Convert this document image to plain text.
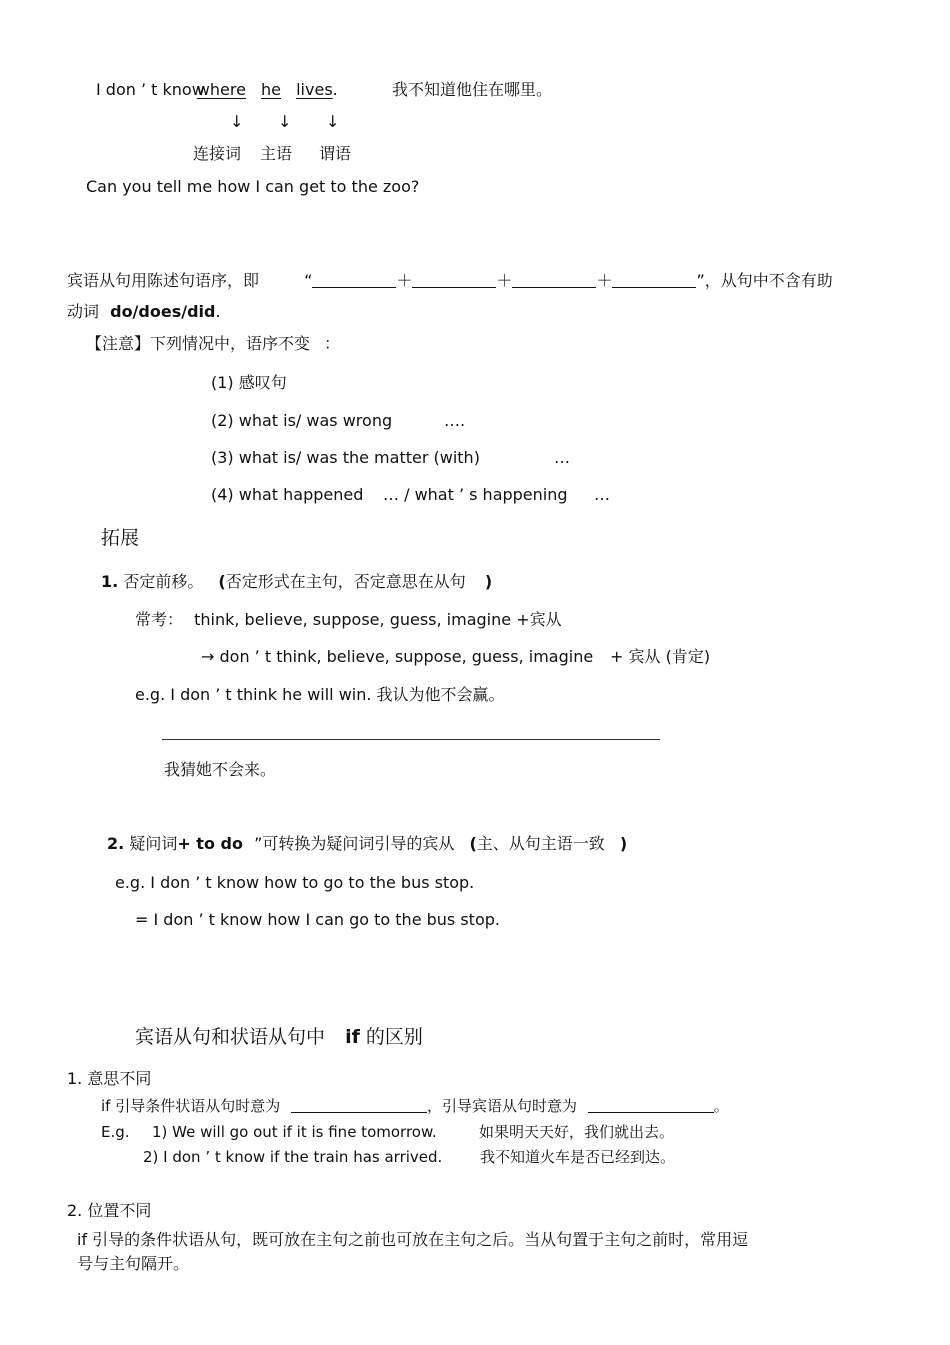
I don ’ t knowwhere he lives.	我不知道他住在哪里。
↓ ↓ ↓
连接词 主语 谓语
Can you tell me how I can get to the zoo?
宾语从句用陈述句语序，即	“	＋	＋	＋	”，从句中不含有助
动词 do/does/did.
【注意】下列情况中，语序不变 ：
(1) 感叹句
(2) what is/ was wrong	….
(3) what is/ was the matter (with)	…
(4) what happened … / what ’ s happening …
拓展
1. 否定前移。 (否定形式在主句，否定意思在从句 )
常考： think, believe, suppose, guess, imagine +宾从
→ don ’ t think, believe, suppose, guess, imagine + 宾从 (肯定)
e.g. I don ’ t think he will win. 我认为他不会赢。
我猜她不会来。
2. 疑问词+ to do ”可转换为疑问词引导的宾从 (主、从句主语一致 )
e.g. I don ’ t know how to go to the bus stop.
= I don ’ t know how I can go to the bus stop.
宾语从句和状语从句中 if 的区别
1. 意思不同
if 引导条件状语从句时意为	，引导宾语从句时意为	。
E.g. 1) We will go out if it is fine tomorrow.	如果明天天好，我们就出去。
2) I don ’ t know if the train has arrived.	我不知道火车是否已经到达。
2. 位置不同
if 引导的条件状语从句，既可放在主句之前也可放在主句之后。当从句置于主句之前时，常用逗
号与主句隔开。
